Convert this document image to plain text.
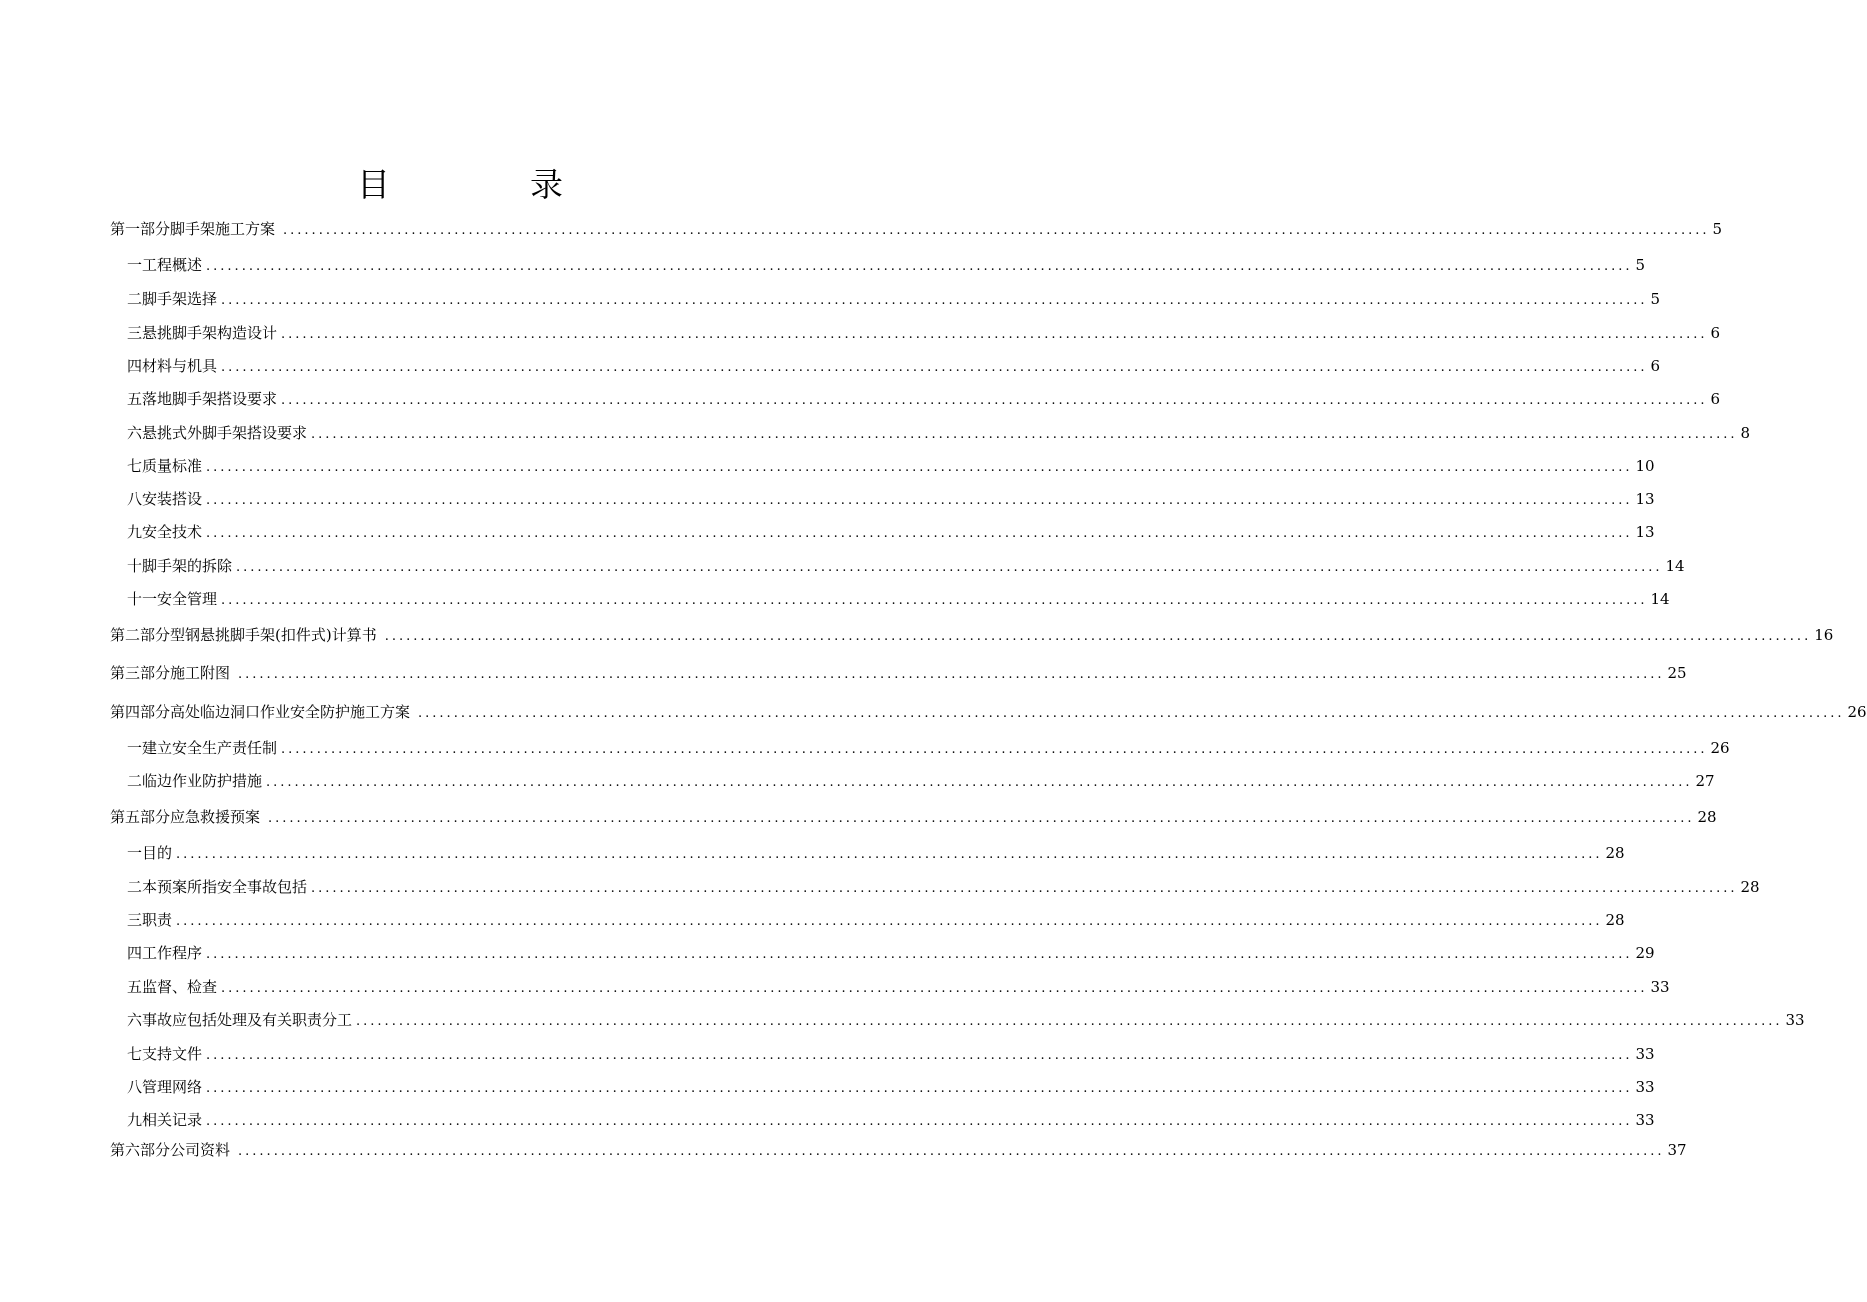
目	录
第一部分 脚手架施工方案 ........................................................................................................................................................................................................ 5
一 工程概述 ........................................................................................................................................................................................................ 5
二 脚手架选择 ........................................................................................................................................................................................................ 5
三 悬挑脚手架构造设计 ........................................................................................................................................................................................................ 6
四 材料与机具 ........................................................................................................................................................................................................ 6
五 落地脚手架搭设要求 ........................................................................................................................................................................................................ 6
六 悬挑式外脚手架搭设要求 ........................................................................................................................................................................................................ 8
七 质量标准 ........................................................................................................................................................................................................ 10
八 安装搭设 ........................................................................................................................................................................................................ 13
九 安全技术 ........................................................................................................................................................................................................ 13
十 脚手架的拆除 ........................................................................................................................................................................................................ 14
十一 安全管理 ........................................................................................................................................................................................................ 14
第二部分 型钢悬挑脚手架(扣件式)计算书 ........................................................................................................................................................................................................ 16
第三部分 施工附图 ........................................................................................................................................................................................................ 25
第四部分 高处临边洞口作业安全防护施工方案 ........................................................................................................................................................................................................ 26
一 建立安全生产责任制 ........................................................................................................................................................................................................ 26
二 临边作业防护措施 ........................................................................................................................................................................................................ 27
第五部分 应急救援预案 ........................................................................................................................................................................................................ 28
一 目的 ........................................................................................................................................................................................................ 28
二 本预案所指安全事故包括 ........................................................................................................................................................................................................ 28
三 职责 ........................................................................................................................................................................................................ 28
四 工作程序 ........................................................................................................................................................................................................ 29
五 监督、检查 ........................................................................................................................................................................................................ 33
六 事故应包括处理及有关职责分工 ........................................................................................................................................................................................................ 33
七 支持文件 ........................................................................................................................................................................................................ 33
八 管理网络 ........................................................................................................................................................................................................ 33
九 相关记录 ........................................................................................................................................................................................................ 33
第六部分 公司资料 ........................................................................................................................................................................................................ 37
